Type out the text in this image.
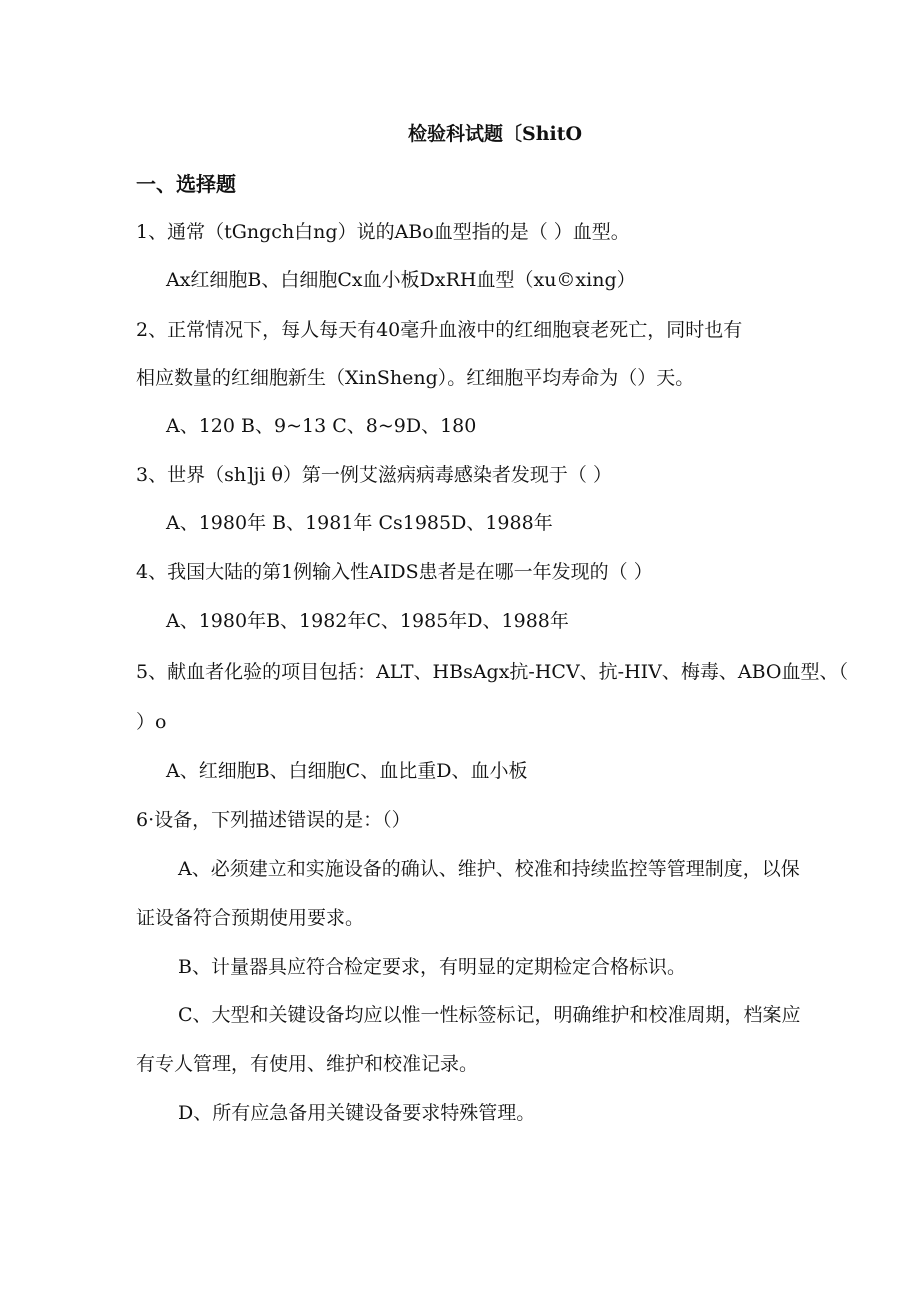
检验科试题〔ShitO
一、选择题
1、通常（tGngch白ng）说的ABo血型指的是（ ）血型。
Ax红细胞B、白细胞Cx血小板DxRH血型（xu©xing）
2、正常情况下，每人每天有40毫升血液中的红细胞衰老死亡，同时也有
相应数量的红细胞新生（XinSheng）。红细胞平均寿命为（）天。
A、120 B、9~13 C、8~9D、180
3、世界（sh]ji θ）第一例艾滋病病毒感染者发现于（ ）
A、1980年 B、1981年 Cs1985D、1988年
4、我国大陆的第1例输入性AIDS患者是在哪一年发现的（ ）
A、1980年B、1982年C、1985年D、1988年
5、献血者化验的项目包括：ALT、HBsAgx抗-HCV、抗-HIV、梅毒、ABO血型、（
）o
A、红细胞B、白细胞C、血比重D、血小板
6·设备，下列描述错误的是：（）
A、必须建立和实施设备的确认、维护、校准和持续监控等管理制度，以保
证设备符合预期使用要求。
B、计量器具应符合检定要求，有明显的定期检定合格标识。
C、大型和关键设备均应以惟一性标签标记，明确维护和校准周期，档案应
有专人管理，有使用、维护和校准记录。
D、所有应急备用关键设备要求特殊管理。
